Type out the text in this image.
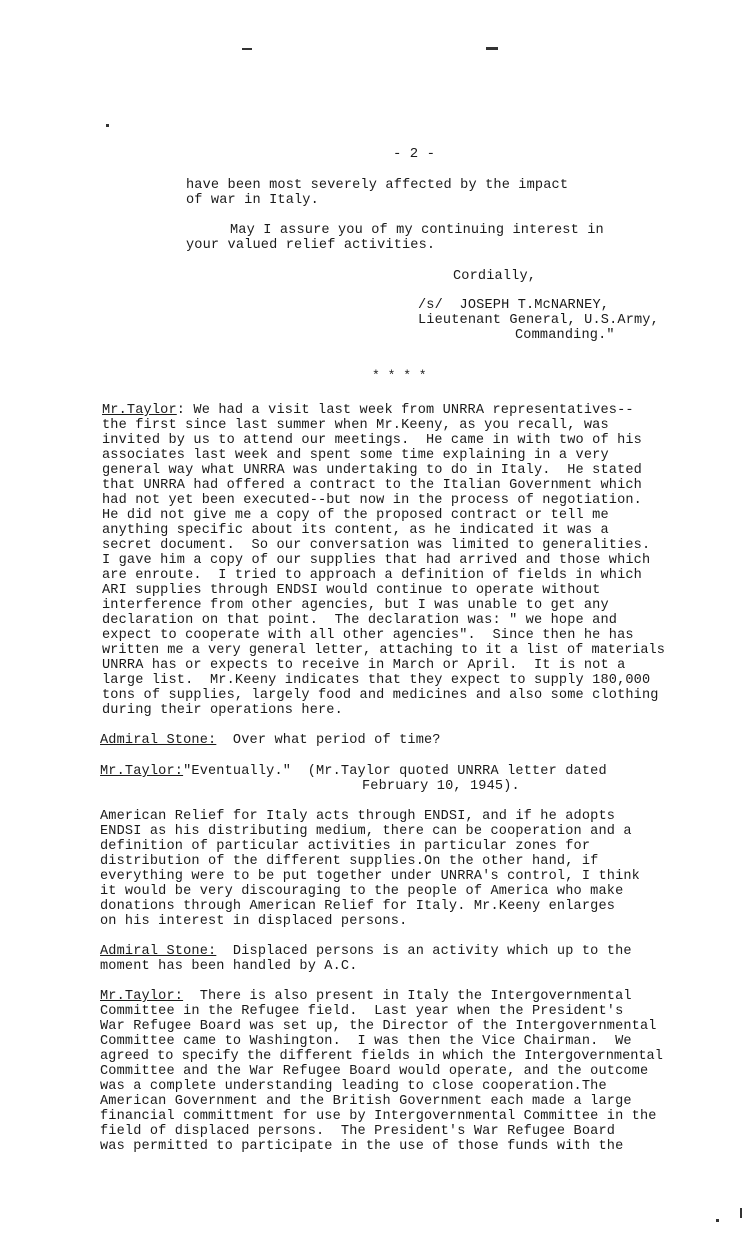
- 2 -
have been most severely affected by the impact
of war in Italy.
May I assure you of my continuing interest in
your valued relief activities.
Cordially,
/s/  JOSEPH T.McNARNEY,
Lieutenant General, U.S.Army,
Commanding."
* * * *
Mr.Taylor: We had a visit last week from UNRRA representatives--
the first since last summer when Mr.Keeny, as you recall, was
invited by us to attend our meetings.  He came in with two of his
associates last week and spent some time explaining in a very
general way what UNRRA was undertaking to do in Italy.  He stated
that UNRRA had offered a contract to the Italian Government which
had not yet been executed--but now in the process of negotiation.
He did not give me a copy of the proposed contract or tell me
anything specific about its content, as he indicated it was a
secret document.  So our conversation was limited to generalities.
I gave him a copy of our supplies that had arrived and those which
are enroute.  I tried to approach a definition of fields in which
ARI supplies through ENDSI would continue to operate without
interference from other agencies, but I was unable to get any
declaration on that point.  The declaration was: " we hope and
expect to cooperate with all other agencies".  Since then he has
written me a very general letter, attaching to it a list of materials
UNRRA has or expects to receive in March or April.  It is not a
large list.  Mr.Keeny indicates that they expect to supply 180,000
tons of supplies, largely food and medicines and also some clothing
during their operations here.
Admiral Stone:  Over what period of time?
Mr.Taylor:"Eventually."  (Mr.Taylor quoted UNRRA letter dated
February 10, 1945).
American Relief for Italy acts through ENDSI, and if he adopts
ENDSI as his distributing medium, there can be cooperation and a
definition of particular activities in particular zones for
distribution of the different supplies.On the other hand, if
everything were to be put together under UNRRA's control, I think
it would be very discouraging to the people of America who make
donations through American Relief for Italy. Mr.Keeny enlarges
on his interest in displaced persons.
Admiral Stone:  Displaced persons is an activity which up to the
moment has been handled by A.C.
Mr.Taylor:  There is also present in Italy the Intergovernmental
Committee in the Refugee field.  Last year when the President's
War Refugee Board was set up, the Director of the Intergovernmental
Committee came to Washington.  I was then the Vice Chairman.  We
agreed to specify the different fields in which the Intergovernmental
Committee and the War Refugee Board would operate, and the outcome
was a complete understanding leading to close cooperation.The
American Government and the British Government each made a large
financial committment for use by Intergovernmental Committee in the
field of displaced persons.  The President's War Refugee Board
was permitted to participate in the use of those funds with the
